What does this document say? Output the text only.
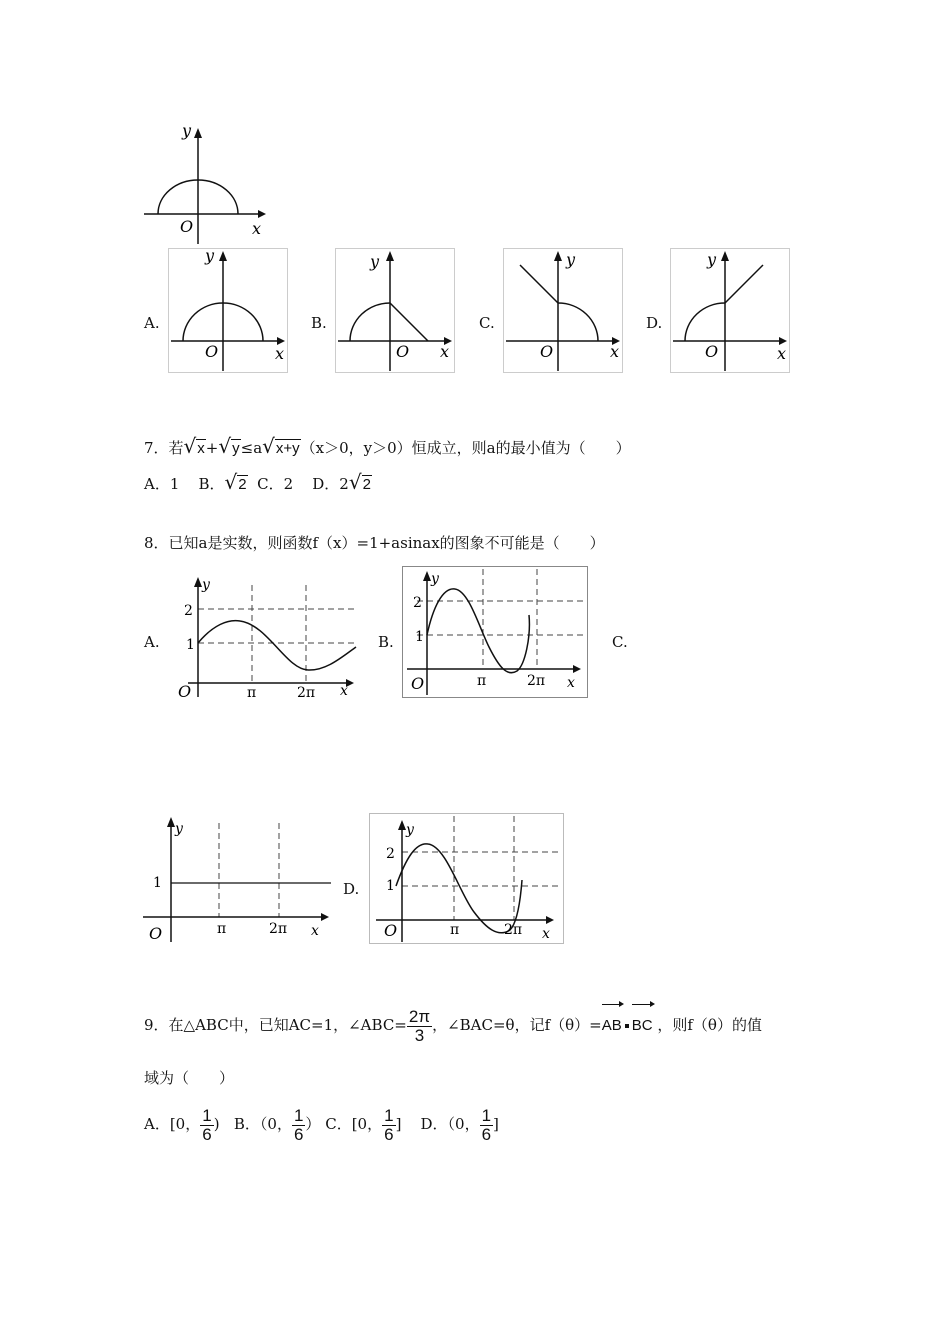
y
O	x
A.
y
O	x
B.
y
O x
C.
y
O	x
D.
y
O	x
7．若√x+√y≤a√x+y（x＞0，y＞0）恒成立，则a的最小值为（　　）
A．1 B．√2 C．2 D．2√2
8．已知a是实数，则函数f（x）=1+asinax的图象不可能是（　　）
A.
y
2
1
O	π	2π x
B.
y
2
1
O	π	2π x
C.
y
1
O	π	2π x
D.
y
2
1
O	π	2π x
9．在△ABC中，已知AC=1，∠ABC= $\frac{2\pi}{3}$ ，∠BAC=θ，记f（θ）=AB BC ，则f（θ）的值
域为（　　）
A．[0， $\frac{1}{6}$ ) B．（0， $\frac{1}{6}$ ） C．[0， $\frac{1}{6}$ ] D．（0， $\frac{1}{6}$ ]
